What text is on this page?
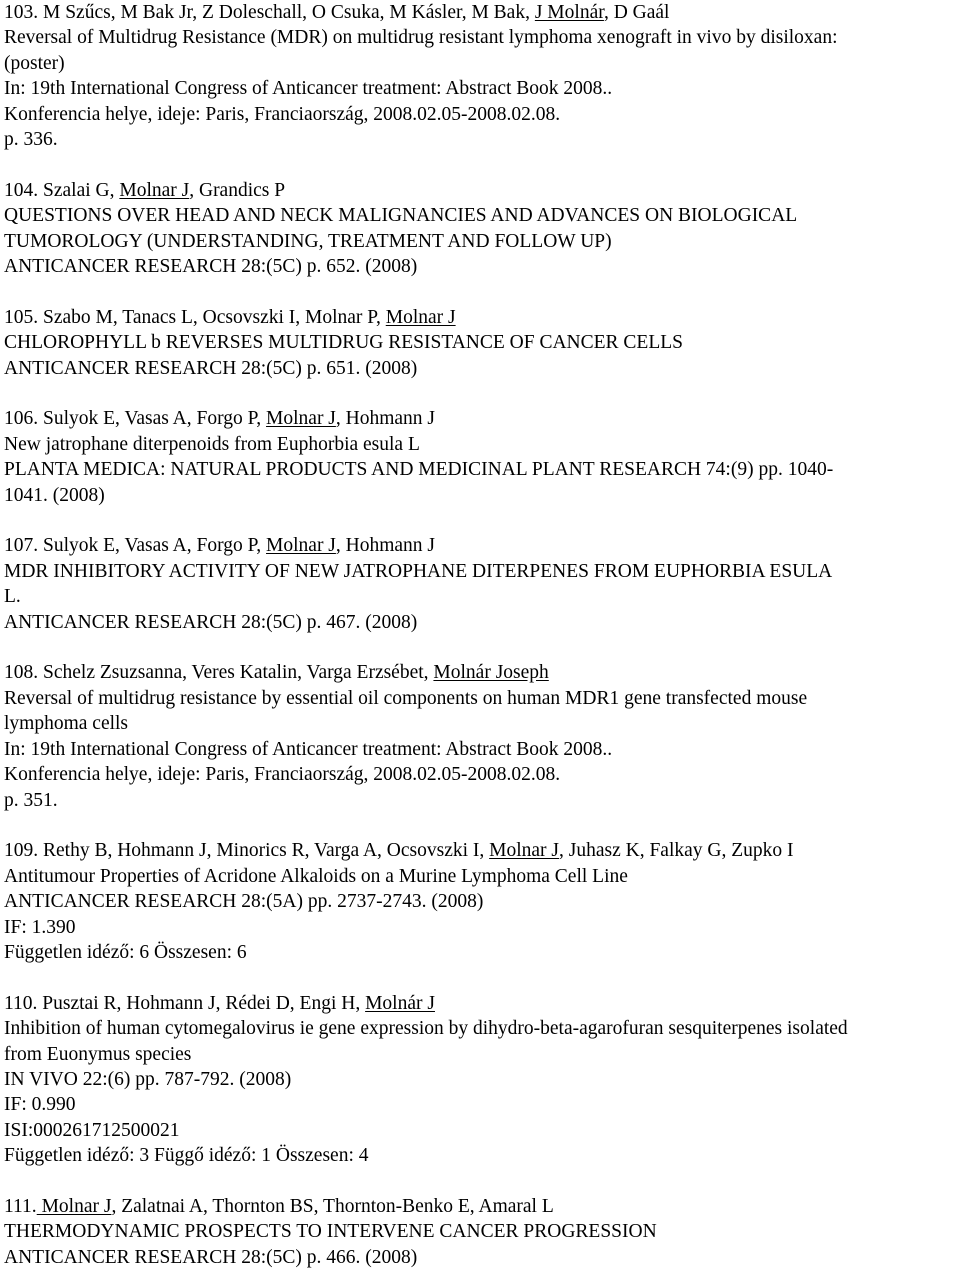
103. M Szűcs, M Bak Jr, Z Doleschall, O Csuka, M Kásler, M Bak, J Molnár, D Gaál
Reversal of Multidrug Resistance (MDR) on multidrug resistant lymphoma xenograft in vivo by disiloxan:
(poster)
In: 19th International Congress of Anticancer treatment: Abstract Book 2008..
Konferencia helye, ideje: Paris, Franciaország, 2008.02.05-2008.02.08.
p. 336.
104. Szalai G, Molnar J, Grandics P
QUESTIONS OVER HEAD AND NECK MALIGNANCIES AND ADVANCES ON BIOLOGICAL
TUMOROLOGY (UNDERSTANDING, TREATMENT AND FOLLOW UP)
ANTICANCER RESEARCH 28:(5C) p. 652. (2008)
105. Szabo M, Tanacs L, Ocsovszki I, Molnar P, Molnar J
CHLOROPHYLL b REVERSES MULTIDRUG RESISTANCE OF CANCER CELLS
ANTICANCER RESEARCH 28:(5C) p. 651. (2008)
106. Sulyok E, Vasas A, Forgo P, Molnar J, Hohmann J
New jatrophane diterpenoids from Euphorbia esula L
PLANTA MEDICA: NATURAL PRODUCTS AND MEDICINAL PLANT RESEARCH 74:(9) pp. 1040-
1041. (2008)
107. Sulyok E, Vasas A, Forgo P, Molnar J, Hohmann J
MDR INHIBITORY ACTIVITY OF NEW JATROPHANE DITERPENES FROM EUPHORBIA ESULA
L.
ANTICANCER RESEARCH 28:(5C) p. 467. (2008)
108. Schelz Zsuzsanna, Veres Katalin, Varga Erzsébet, Molnár Joseph
Reversal of multidrug resistance by essential oil components on human MDR1 gene transfected mouse
lymphoma cells
In: 19th International Congress of Anticancer treatment: Abstract Book 2008..
Konferencia helye, ideje: Paris, Franciaország, 2008.02.05-2008.02.08.
p. 351.
109. Rethy B, Hohmann J, Minorics R, Varga A, Ocsovszki I, Molnar J, Juhasz K, Falkay G, Zupko I
Antitumour Properties of Acridone Alkaloids on a Murine Lymphoma Cell Line
ANTICANCER RESEARCH 28:(5A) pp. 2737-2743. (2008)
IF: 1.390
Független idéző: 6 Összesen: 6
110. Pusztai R, Hohmann J, Rédei D, Engi H, Molnár J
Inhibition of human cytomegalovirus ie gene expression by dihydro-beta-agarofuran sesquiterpenes isolated
from Euonymus species
IN VIVO 22:(6) pp. 787-792. (2008)
IF: 0.990
ISI:000261712500021
Független idéző: 3 Függő idéző: 1 Összesen: 4
111. Molnar J, Zalatnai A, Thornton BS, Thornton-Benko E, Amaral L
THERMODYNAMIC PROSPECTS TO INTERVENE CANCER PROGRESSION
ANTICANCER RESEARCH 28:(5C) p. 466. (2008)
